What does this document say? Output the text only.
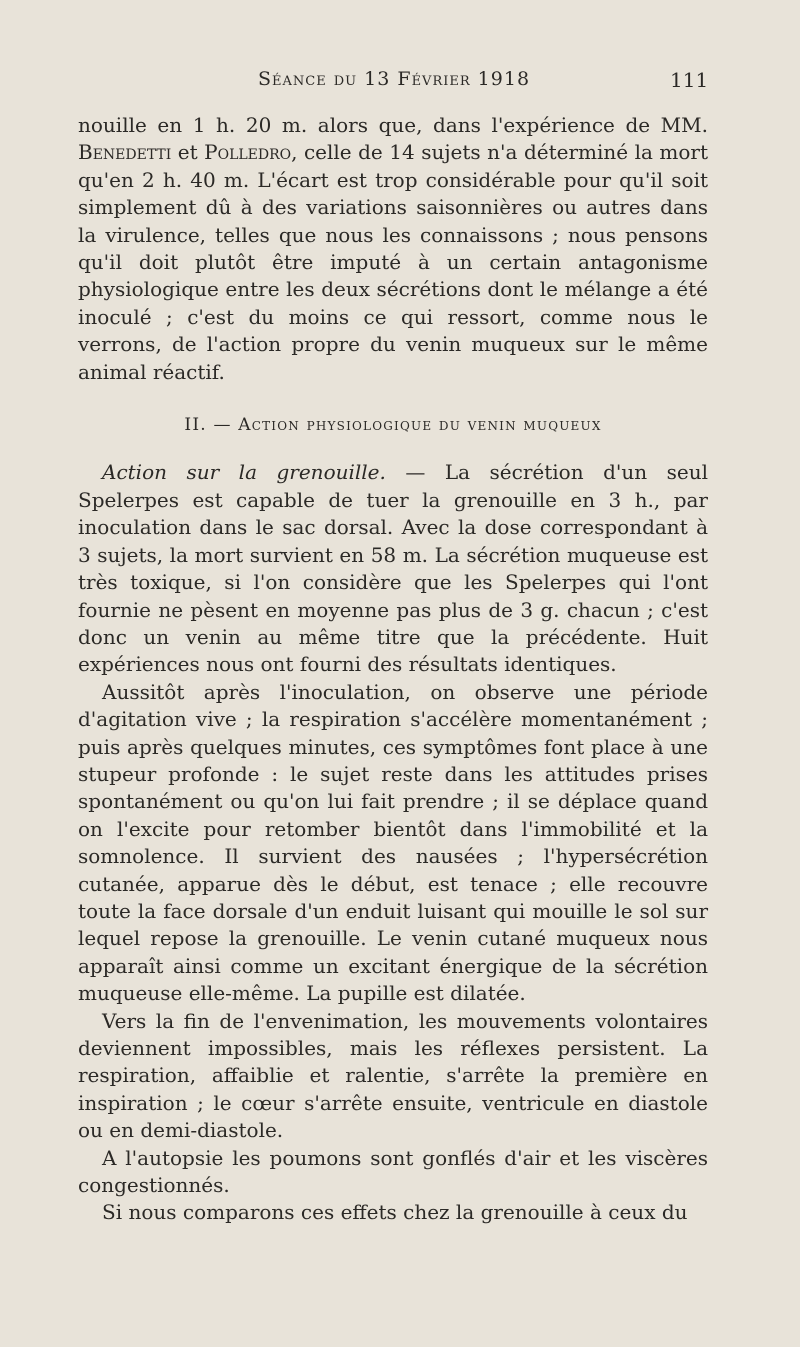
Séance du 13 Février 1918	111

nouille en 1 h. 20 m. alors que, dans l'expérience de MM. Benedetti et Polledro, celle de 14 sujets n'a déterminé la mort qu'en 2 h. 40 m. L'écart est trop considérable pour qu'il soit simplement dû à des variations saisonnières ou autres dans la virulence, telles que nous les connaissons ; nous pensons qu'il doit plutôt être imputé à un certain antagonisme physiologique entre les deux sécrétions dont le mélange a été inoculé ; c'est du moins ce qui ressort, comme nous le verrons, de l'action propre du venin muqueux sur le même animal réactif.

II. — Action physiologique du venin muqueux

Action sur la grenouille. — La sécrétion d'un seul Spelerpes est capable de tuer la grenouille en 3 h., par inoculation dans le sac dorsal. Avec la dose correspondant à 3 sujets, la mort survient en 58 m. La sécrétion muqueuse est très toxique, si l'on considère que les Spelerpes qui l'ont fournie ne pèsent en moyenne pas plus de 3 g. chacun ; c'est donc un venin au même titre que la précédente. Huit expériences nous ont fourni des résultats identiques.

Aussitôt après l'inoculation, on observe une période d'agitation vive ; la respiration s'accélère momentanément ; puis après quelques minutes, ces symptômes font place à une stupeur profonde : le sujet reste dans les attitudes prises spontanément ou qu'on lui fait prendre ; il se déplace quand on l'excite pour retomber bientôt dans l'immobilité et la somnolence. Il survient des nausées ; l'hypersécrétion cutanée, apparue dès le début, est tenace ; elle recouvre toute la face dorsale d'un enduit luisant qui mouille le sol sur lequel repose la grenouille. Le venin cutané muqueux nous apparaît ainsi comme un excitant énergique de la sécrétion muqueuse elle-même. La pupille est dilatée.

Vers la fin de l'envenimation, les mouvements volontaires deviennent impossibles, mais les réflexes persistent. La respiration, affaiblie et ralentie, s'arrête la première en inspiration ; le cœur s'arrête ensuite, ventricule en diastole ou en demi-diastole.

A l'autopsie les poumons sont gonflés d'air et les viscères congestionnés.

Si nous comparons ces effets chez la grenouille à ceux du
